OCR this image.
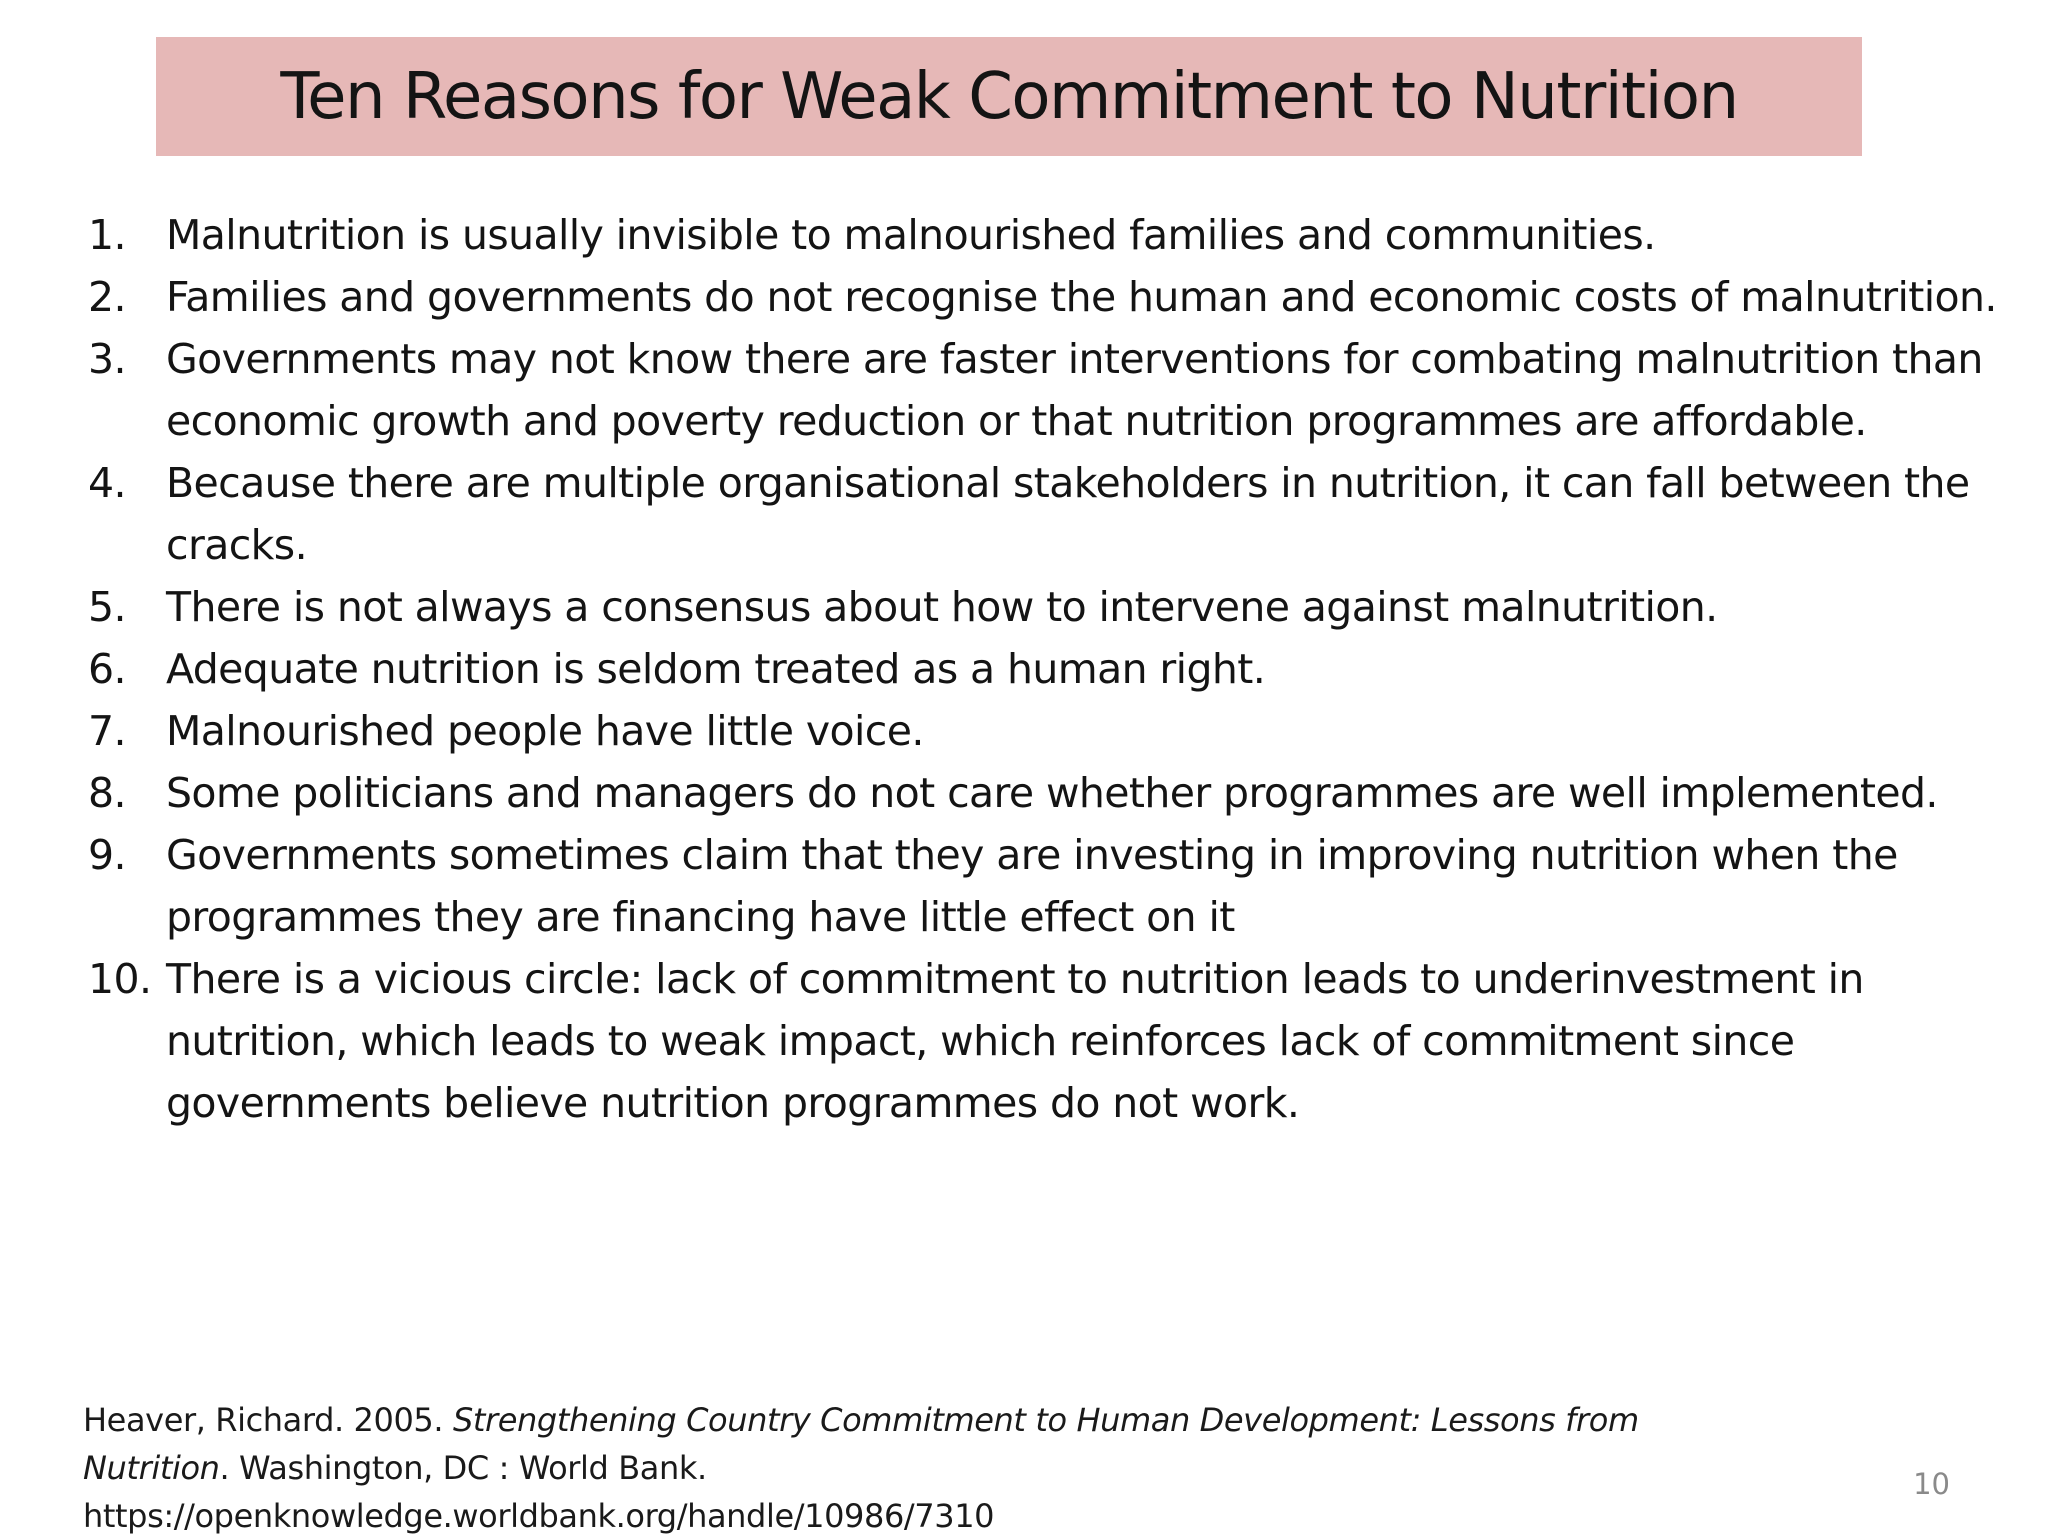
Ten Reasons for Weak Commitment to Nutrition
1. Malnutrition is usually invisible to malnourished families and communities.
2. Families and governments do not recognise the human and economic costs of malnutrition.
3. Governments may not know there are faster interventions for combating malnutrition than economic growth and poverty reduction or that nutrition programmes are affordable.
4. Because there are multiple organisational stakeholders in nutrition, it can fall between the cracks.
5. There is not always a consensus about how to intervene against malnutrition.
6. Adequate nutrition is seldom treated as a human right.
7. Malnourished people have little voice.
8. Some politicians and managers do not care whether programmes are well implemented.
9. Governments sometimes claim that they are investing in improving nutrition when the programmes they are financing have little effect on it
10. There is a vicious circle: lack of commitment to nutrition leads to underinvestment in nutrition, which leads to weak impact, which reinforces lack of commitment since governments believe nutrition programmes do not work.
Heaver, Richard. 2005. Strengthening Country Commitment to Human Development: Lessons from Nutrition. Washington, DC : World Bank.
https://openknowledge.worldbank.org/handle/10986/7310
10
